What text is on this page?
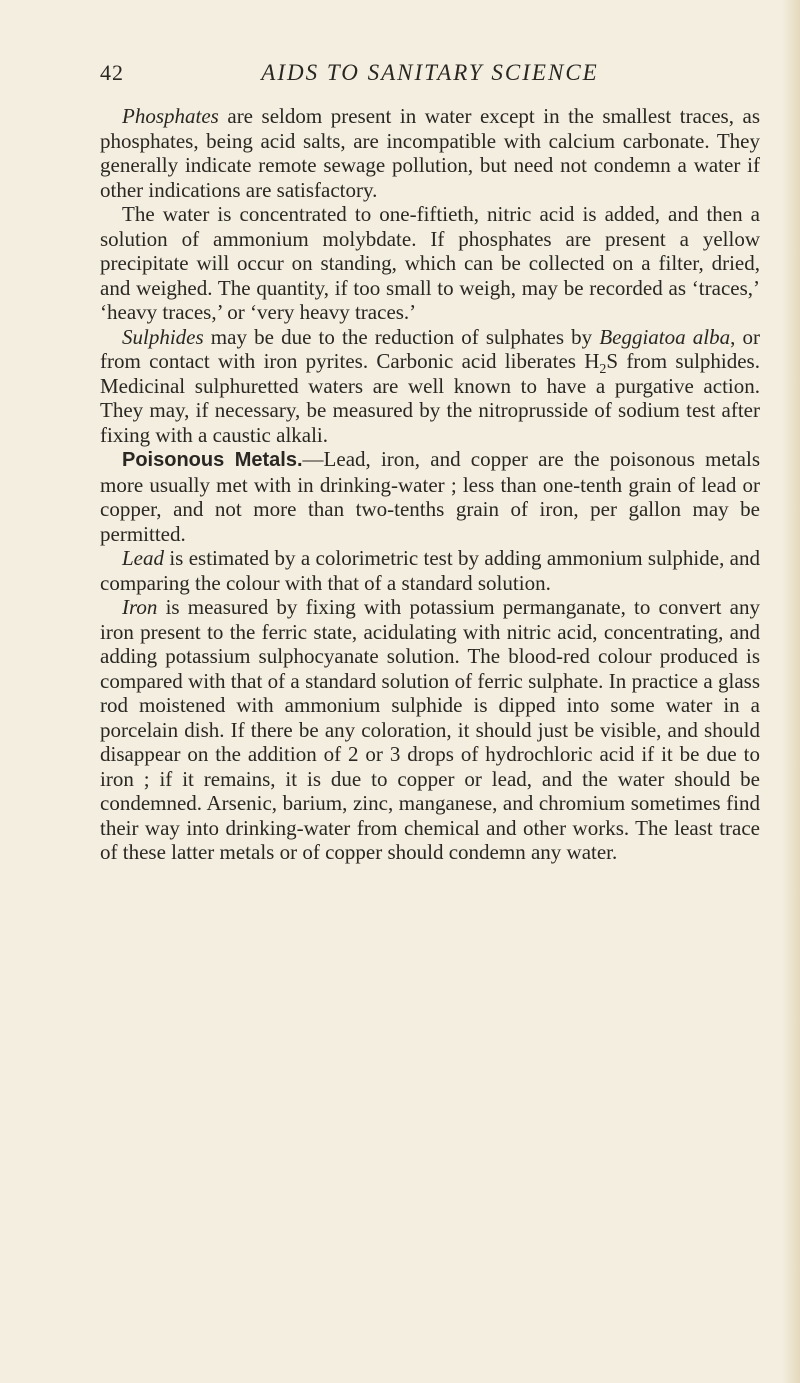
42	AIDS TO SANITARY SCIENCE

Phosphates are seldom present in water except in the smallest traces, as phosphates, being acid salts, are incompatible with calcium carbonate. They generally indicate remote sewage pollution, but need not condemn a water if other indications are satisfactory.

The water is concentrated to one-fiftieth, nitric acid is added, and then a solution of ammonium molybdate. If phosphates are present a yellow precipitate will occur on standing, which can be collected on a filter, dried, and weighed. The quantity, if too small to weigh, may be recorded as ‘traces,’ ‘heavy traces,’ or ‘very heavy traces.’

Sulphides may be due to the reduction of sulphates by Beggiatoa alba, or from contact with iron pyrites. Carbonic acid liberates $H_2S$ from sulphides. Medicinal sulphuretted waters are well known to have a purgative action. They may, if necessary, be measured by the nitroprusside of sodium test after fixing with a caustic alkali.

Poisonous Metals.—Lead, iron, and copper are the poisonous metals more usually met with in drinking-water ; less than one-tenth grain of lead or copper, and not more than two-tenths grain of iron, per gallon may be permitted.

Lead is estimated by a colorimetric test by adding ammonium sulphide, and comparing the colour with that of a standard solution.

Iron is measured by fixing with potassium permanganate, to convert any iron present to the ferric state, acidulating with nitric acid, concentrating, and adding potassium sulphocyanate solution. The blood-red colour produced is compared with that of a standard solution of ferric sulphate. In practice a glass rod moistened with ammonium sulphide is dipped into some water in a porcelain dish. If there be any coloration, it should just be visible, and should disappear on the addition of 2 or 3 drops of hydrochloric acid if it be due to iron ; if it remains, it is due to copper or lead, and the water should be condemned. Arsenic, barium, zinc, manganese, and chromium sometimes find their way into drinking-water from chemical and other works. The least trace of these latter metals or of copper should condemn any water.
